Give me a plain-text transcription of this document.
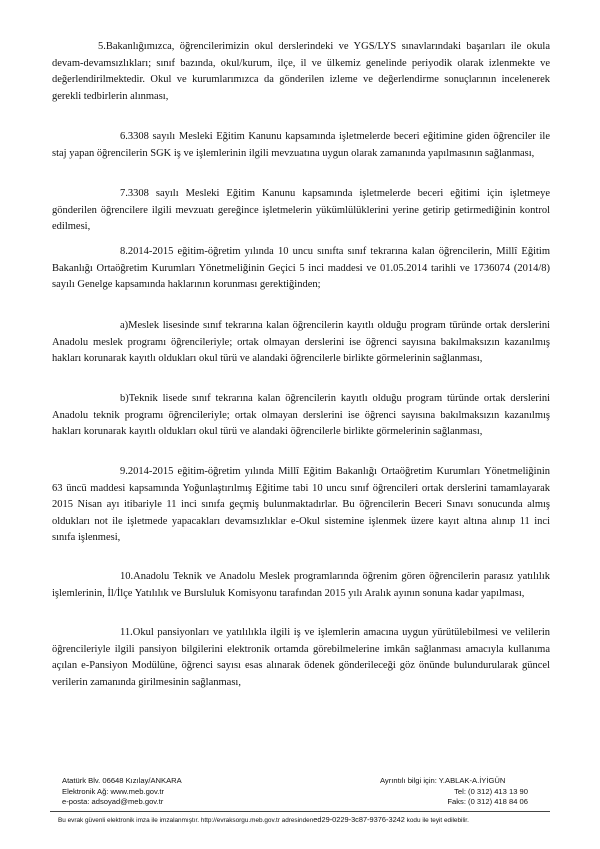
5.Bakanlığımızca, öğrencilerimizin okul derslerindeki ve YGS/LYS sınavlarındaki başarıları ile okula devam-devamsızlıkları; sınıf bazında, okul/kurum, ilçe, il ve ülkemiz genelinde periyodik olarak izlenmekte ve değerlendirilmektedir. Okul ve kurumlarımızca da gönderilen izleme ve değerlendirme sonuçlarının incelenerek gerekli tedbirlerin alınması,

6.3308 sayılı Mesleki Eğitim Kanunu kapsamında işletmelerde beceri eğitimine giden öğrenciler ile staj yapan öğrencilerin SGK iş ve işlemlerinin ilgili mevzuatına uygun olarak zamanında yapılmasının sağlanması,

7.3308 sayılı Mesleki Eğitim Kanunu kapsamında işletmelerde beceri eğitimi için işletmeye gönderilen öğrencilere ilgili mevzuatı gereğince işletmelerin yükümlülüklerini yerine getirip getirmediğinin kontrol edilmesi,

8.2014-2015 eğitim-öğretim yılında 10 uncu sınıfta sınıf tekrarına kalan öğrencilerin, Millî Eğitim Bakanlığı Ortaöğretim Kurumları Yönetmeliğinin Geçici 5 inci maddesi ve 01.05.2014 tarihli ve 1736074 (2014/8) sayılı Genelge kapsamında haklarının korunması gerektiğinden;

a)Meslek lisesinde sınıf tekrarına kalan öğrencilerin kayıtlı olduğu program türünde ortak derslerini Anadolu meslek programı öğrencileriyle; ortak olmayan derslerini ise öğrenci sayısına bakılmaksızın kazanılmış hakları korunarak kayıtlı oldukları okul türü ve alandaki öğrencilerle birlikte görmelerinin sağlanması,

b)Teknik lisede sınıf tekrarına kalan öğrencilerin kayıtlı olduğu program türünde ortak derslerini Anadolu teknik programı öğrencileriyle; ortak olmayan derslerini ise öğrenci sayısına bakılmaksızın kazanılmış hakları korunarak kayıtlı oldukları okul türü ve alandaki öğrencilerle birlikte görmelerinin sağlanması,

9.2014-2015 eğitim-öğretim yılında Millî Eğitim Bakanlığı Ortaöğretim Kurumları Yönetmeliğinin 63 üncü maddesi kapsamında Yoğunlaştırılmış Eğitime tabi 10 uncu sınıf öğrencileri ortak derslerini tamamlayarak 2015 Nisan ayı itibariyle 11 inci sınıfa geçmiş bulunmaktadırlar. Bu öğrencilerin Beceri Sınavı sonucunda almış oldukları not ile işletmede yapacakları devamsızlıklar e-Okul sistemine işlenmek üzere kayıt altına alınıp 11 inci sınıfa işlenmesi,

10.Anadolu Teknik ve Anadolu Meslek programlarında öğrenim gören öğrencilerin parasız yatılılık işlemlerinin, İl/İlçe Yatılılık ve Bursluluk Komisyonu tarafından 2015 yılı Aralık ayının sonuna kadar yapılması,

11.Okul pansiyonları ve yatılılıkla ilgili iş ve işlemlerin amacına uygun yürütülebilmesi ve velilerin öğrencileriyle ilgili pansiyon bilgilerini elektronik ortamda görebilmelerine imkân sağlanması amacıyla kullanıma açılan e-Pansiyon Modülüne, öğrenci sayısı esas alınarak ödenek gönderileceği göz önünde bulundurularak güncel verilerin zamanında girilmesinin sağlanması,

Atatürk Blv. 06648 Kızılay/ANKARA
Elektronik Ağ: www.meb.gov.tr
e-posta: adsoyad@meb.gov.tr
Ayrıntılı bilgi için: Y.ABLAK-A.İYİGÜN
Tel: (0 312) 413 13 90
Faks: (0 312) 418 84 06
Bu evrak güvenli elektronik imza ile imzalanmıştır. http://evraksorgu.meb.gov.tr adresindened29-0229-3c87-9376-3242 kodu ile teyit edilebilir.
